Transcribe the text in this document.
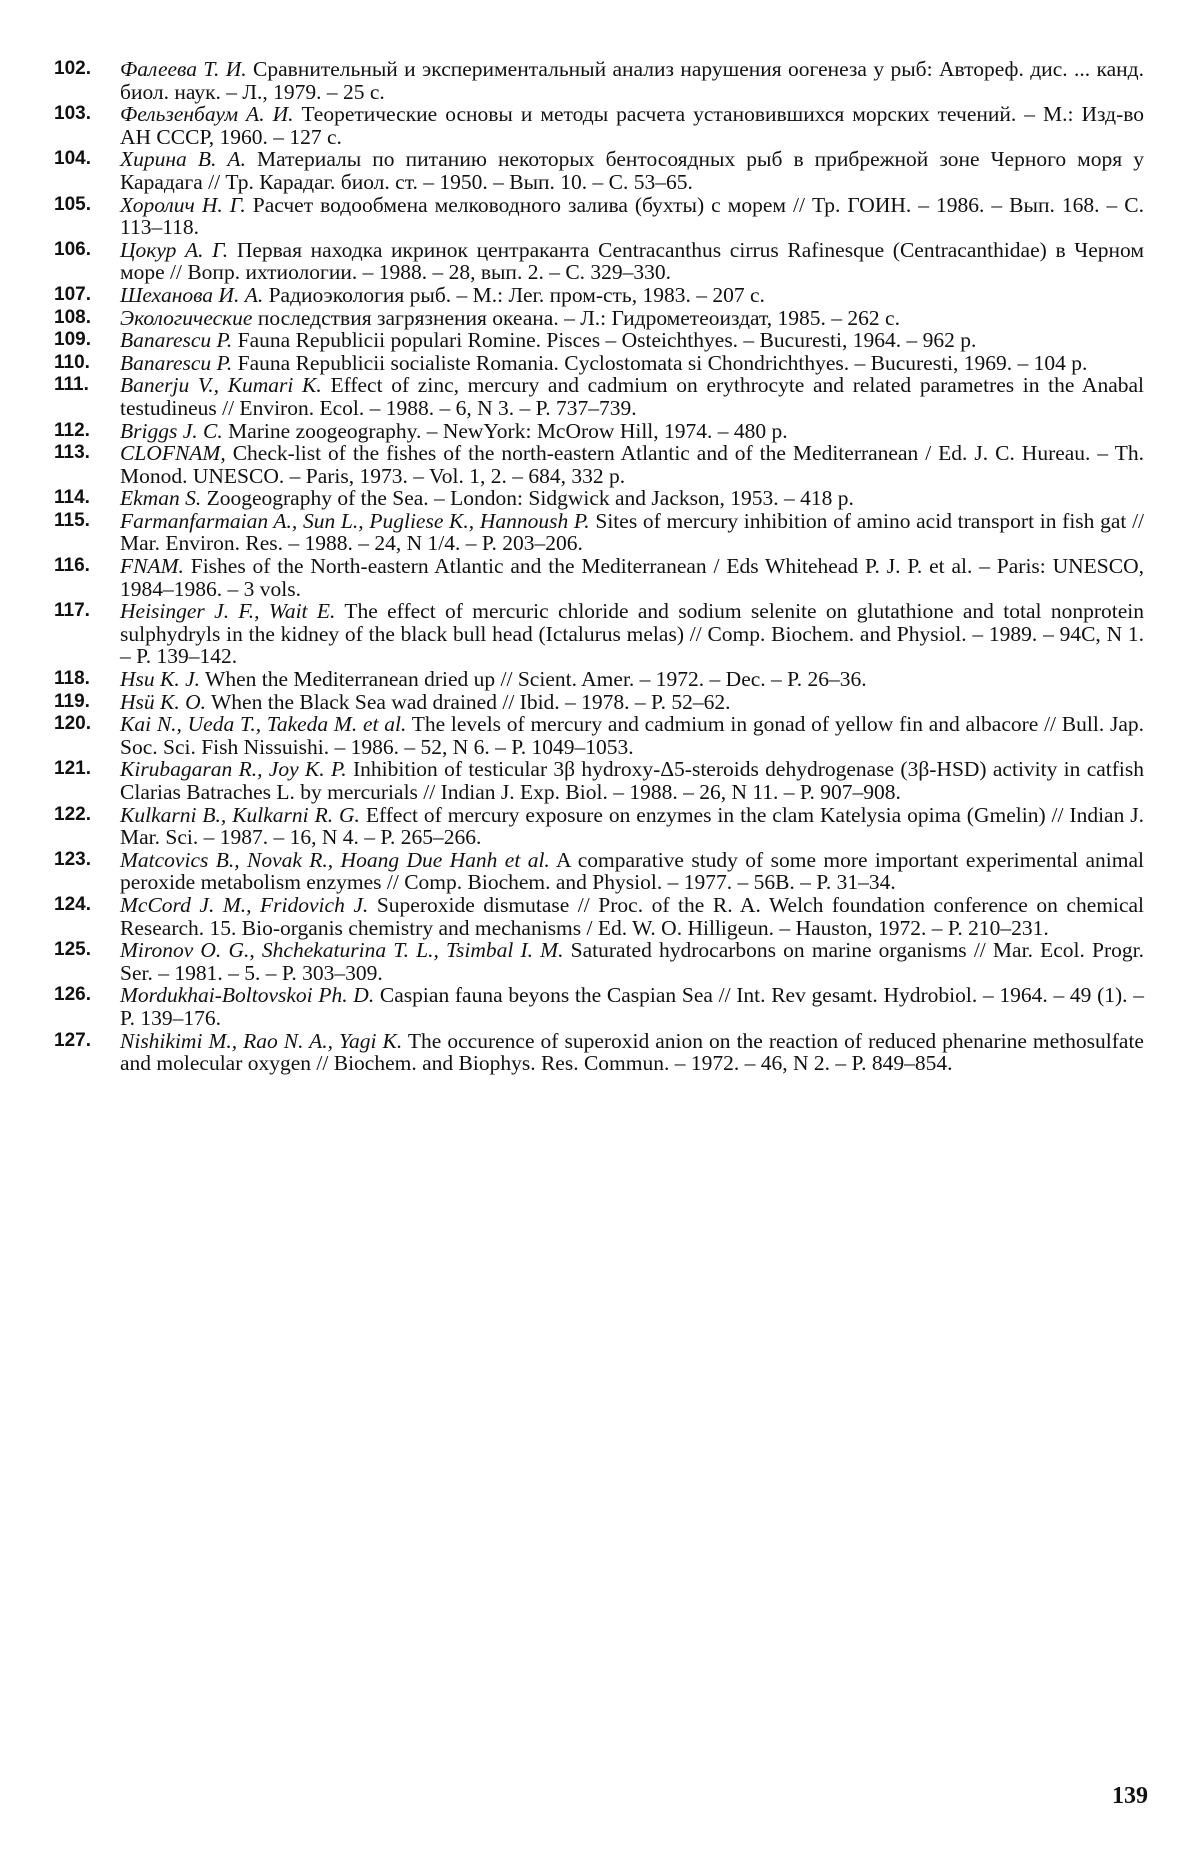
102.	Фалеева Т. И. Сравнительный и экспериментальный анализ нарушения оогенеза у рыб: Автореф. дис. ... канд. биол. наук. – Л., 1979. – 25 с.
103.	Фельзенбаум А. И. Теоретические основы и методы расчета установившихся морских течений. – М.: Изд-во АН СССР, 1960. – 127 с.
104.	Хирина В. А. Материалы по питанию некоторых бентосоядных рыб в прибрежной зоне Черного моря у Карадага // Тр. Карадаг. биол. ст. – 1950. – Вып. 10. – С. 53–65.
105.	Хоролич Н. Г. Расчет водообмена мелководного залива (бухты) с морем // Тр. ГОИН. – 1986. – Вып. 168. – С. 113–118.
106.	Цокур А. Г. Первая находка икринок центраканта Centracanthus cirrus Rafinesque (Centracanthidae) в Черном море // Вопр. ихтиологии. – 1988. – 28, вып. 2. – С. 329–330.
107.	Шеханова И. А. Радиоэкология рыб. – М.: Лег. пром-сть, 1983. – 207 с.
108.	Экологические последствия загрязнения океана. – Л.: Гидрометеоиздат, 1985. – 262 с.
109.	Banarescu P. Fauna Republicii populari Romine. Pisces – Osteichthyes. – Bucuresti, 1964. – 962 p.
110.	Banarescu P. Fauna Republicii socialiste Romania. Cyclostomata si Chondrichthyes. – Bucuresti, 1969. – 104 p.
111.	Banerju V., Kumari K. Effect of zinc, mercury and cadmium on erythrocyte and related parametres in the Anabal testudineus // Environ. Ecol. – 1988. – 6, N 3. – P. 737–739.
112.	Briggs J. C. Marine zoogeography. – NewYork: McOrow Hill, 1974. – 480 p.
113.	CLOFNAM, Check-list of the fishes of the north-eastern Atlantic and of the Mediterranean / Ed. J. C. Hureau. – Th. Monod. UNESCO. – Paris, 1973. – Vol. 1, 2. – 684, 332 p.
114.	Ekman S. Zoogeography of the Sea. – London: Sidgwick and Jackson, 1953. – 418 p.
115.	Farmanfarmaian A., Sun L., Pugliese K., Hannoush P. Sites of mercury inhibition of amino acid transport in fish gat // Mar. Environ. Res. – 1988. – 24, N 1/4. – P. 203–206.
116.	FNAM. Fishes of the North-eastern Atlantic and the Mediterranean / Eds Whitehead P. J. P. et al. – Paris: UNESCO, 1984–1986. – 3 vols.
117.	Heisinger J. F., Wait E. The effect of mercuric chloride and sodium selenite on glutathione and total nonprotein sulphydryls in the kidney of the black bull head (Ictalurus melas) // Comp. Biochem. and Physiol. – 1989. – 94C, N 1. – P. 139–142.
118.	Hsu K. J. When the Mediterranean dried up // Scient. Amer. – 1972. – Dec. – P. 26–36.
119.	Hsü K. O. When the Black Sea wad drained // Ibid. – 1978. – P. 52–62.
120.	Kai N., Ueda T., Takeda M. et al. The levels of mercury and cadmium in gonad of yellow fin and albacore // Bull. Jap. Soc. Sci. Fish Nissuishi. – 1986. – 52, N 6. – P. 1049–1053.
121.	Kirubagaran R., Joy K. P. Inhibition of testicular 3β hydroxy-Δ5-steroids dehydrogenase (3β-HSD) activity in catfish Clarias Batraches L. by mercurials // Indian J. Exp. Biol. – 1988. – 26, N 11. – P. 907–908.
122.	Kulkarni B., Kulkarni R. G. Effect of mercury exposure on enzymes in the clam Katelysia opima (Gmelin) // Indian J. Mar. Sci. – 1987. – 16, N 4. – P. 265–266.
123.	Matcovics B., Novak R., Hoang Due Hanh et al. A comparative study of some more important experimental animal peroxide metabolism enzymes // Comp. Biochem. and Physiol. – 1977. – 56B. – P. 31–34.
124.	McCord J. M., Fridovich J. Superoxide dismutase // Proc. of the R. A. Welch foundation conference on chemical Research. 15. Bio-organis chemistry and mechanisms / Ed. W. O. Hilligeun. – Hauston, 1972. – P. 210–231.
125.	Mironov O. G., Shchekaturina T. L., Tsimbal I. M. Saturated hydrocarbons on marine organisms // Mar. Ecol. Progr. Ser. – 1981. – 5. – P. 303–309.
126.	Mordukhai-Boltovskoi Ph. D. Caspian fauna beyons the Caspian Sea // Int. Rev gesamt. Hydrobiol. – 1964. – 49 (1). – P. 139–176.
127.	Nishikimi M., Rao N. A., Yagi K. The occurence of superoxid anion on the reaction of reduced phenarine methosulfate and molecular oxygen // Biochem. and Biophys. Res. Commun. – 1972. – 46, N 2. – P. 849–854.
139
